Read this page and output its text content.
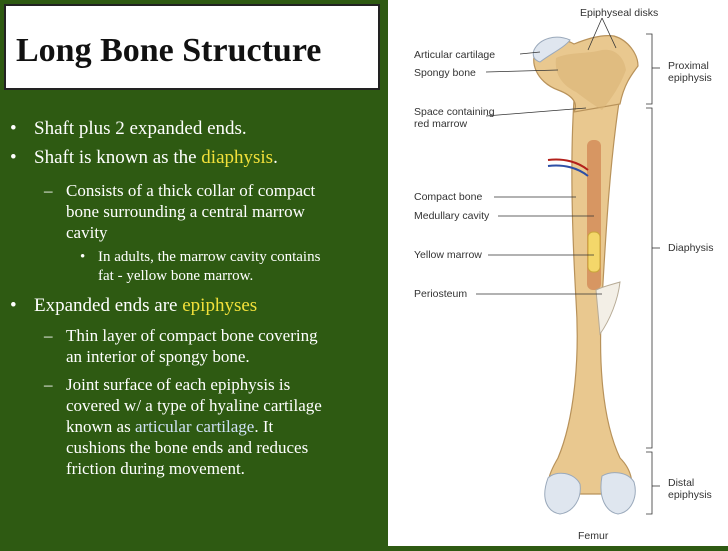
Long Bone Structure
• Shaft plus 2 expanded ends.
• Shaft is known as the diaphysis.
– Consists of a thick collar of compact
bone surrounding a central marrow
cavity
• In adults, the marrow cavity contains
fat - yellow bone marrow.
• Expanded ends are epiphyses
– Thin layer of compact bone covering
an interior of spongy bone.
– Joint surface of each epiphysis is
covered w/ a type of hyaline cartilage
known as articular cartilage. It
cushions the bone ends and reduces
friction during movement.
Epiphyseal disks
Articular cartilage
Spongy bone
Space containing
red marrow
Compact bone
Medullary cavity
Yellow marrow
Periosteum
Proximal
epiphysis
Diaphysis
Distal
epiphysis
Femur
